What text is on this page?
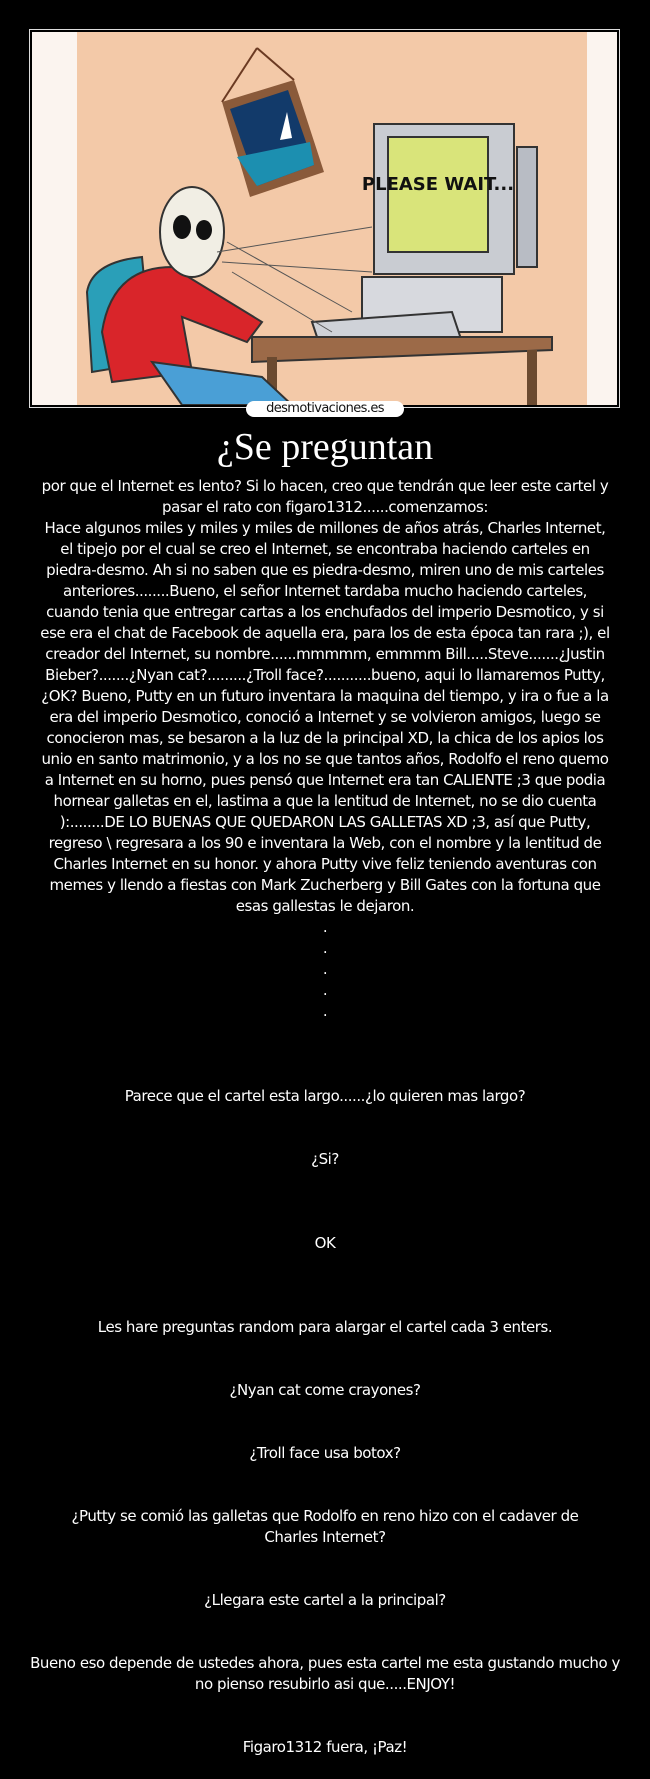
PLEASE WAIT...
desmotivaciones.es
¿Se preguntan

por que el Internet es lento? Si lo hacen, creo que tendrán que leer este cartel y pasar el rato con figaro1312......comenzamos:

Hace algunos miles y miles y miles de millones de años atrás, Charles Internet, el tipejo por el cual se creo el Internet, se encontraba haciendo carteles en piedra-desmo. Ah si no saben que es piedra-desmo, miren uno de mis carteles anteriores........Bueno, el señor Internet tardaba mucho haciendo carteles, cuando tenia que entregar cartas a los enchufados del imperio Desmotico, y si ese era el chat de Facebook de aquella era, para los de esta época tan rara ;), el creador del Internet, su nombre......mmmmm, emmmm Bill.....Steve.......¿Justin Bieber?.......¿Nyan cat?.........¿Troll face?...........bueno, aqui lo llamaremos Putty, ¿OK? Bueno, Putty en un futuro inventara la maquina del tiempo, y ira o fue a la era del imperio Desmotico, conoció a Internet y se volvieron amigos, luego se conocieron mas, se besaron a la luz de la principal XD, la chica de los apios los unio en santo matrimonio, y a los no se que tantos años, Rodolfo el reno quemo a Internet en su horno, pues pensó que Internet era tan CALIENTE ;3 que podia hornear galletas en el, lastima a que la lentitud de Internet, no se dio cuenta ):........DE LO BUENAS QUE QUEDARON LAS GALLETAS XD ;3, así que Putty, regreso \ regresara a los 90 e inventara la Web, con el nombre y la lentitud de Charles Internet en su honor. y ahora Putty vive feliz teniendo aventuras con memes y llendo a fiestas con Mark Zucherberg y Bill Gates con la fortuna que esas gallestas le dejaron.

.
.
.
.
.
Parece que el cartel esta largo......¿lo quieren mas largo?
¿Si?
OK
Les hare preguntas random para alargar el cartel cada 3 enters.
¿Nyan cat come crayones?
¿Troll face usa botox?
¿Putty se comió las galletas que Rodolfo en reno hizo con el cadaver de Charles Internet?
¿Llegara este cartel a la principal?
Bueno eso depende de ustedes ahora, pues esta cartel me esta gustando mucho y no pienso resubirlo asi que.....ENJOY!
Figaro1312 fuera, ¡Paz!
